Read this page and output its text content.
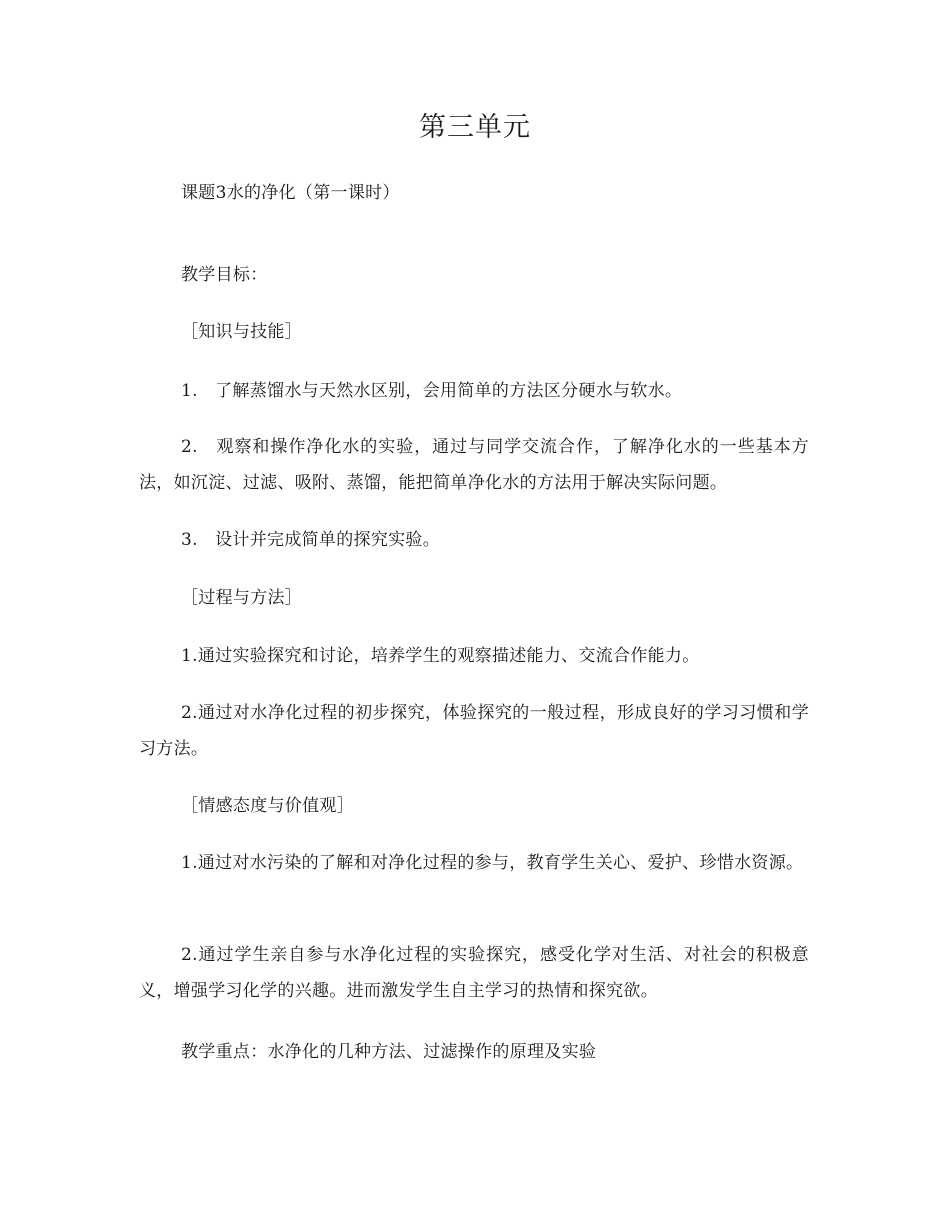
第三单元
课题3水的净化（第一课时）
教学目标：
［知识与技能］
1.　了解蒸馏水与天然水区别，会用简单的方法区分硬水与软水。
2.　观察和操作净化水的实验，通过与同学交流合作，了解净化水的一些基本方法，如沉淀、过滤、吸附、蒸馏，能把简单净化水的方法用于解决实际问题。
3.　设计并完成简单的探究实验。
［过程与方法］
1.通过实验探究和讨论，培养学生的观察描述能力、交流合作能力。
2.通过对水净化过程的初步探究，体验探究的一般过程，形成良好的学习习惯和学习方法。
［情感态度与价值观］
1.通过对水污染的了解和对净化过程的参与，教育学生关心、爱护、珍惜水资源。
2.通过学生亲自参与水净化过程的实验探究，感受化学对生活、对社会的积极意义，增强学习化学的兴趣。进而激发学生自主学习的热情和探究欲。
教学重点：水净化的几种方法、过滤操作的原理及实验
